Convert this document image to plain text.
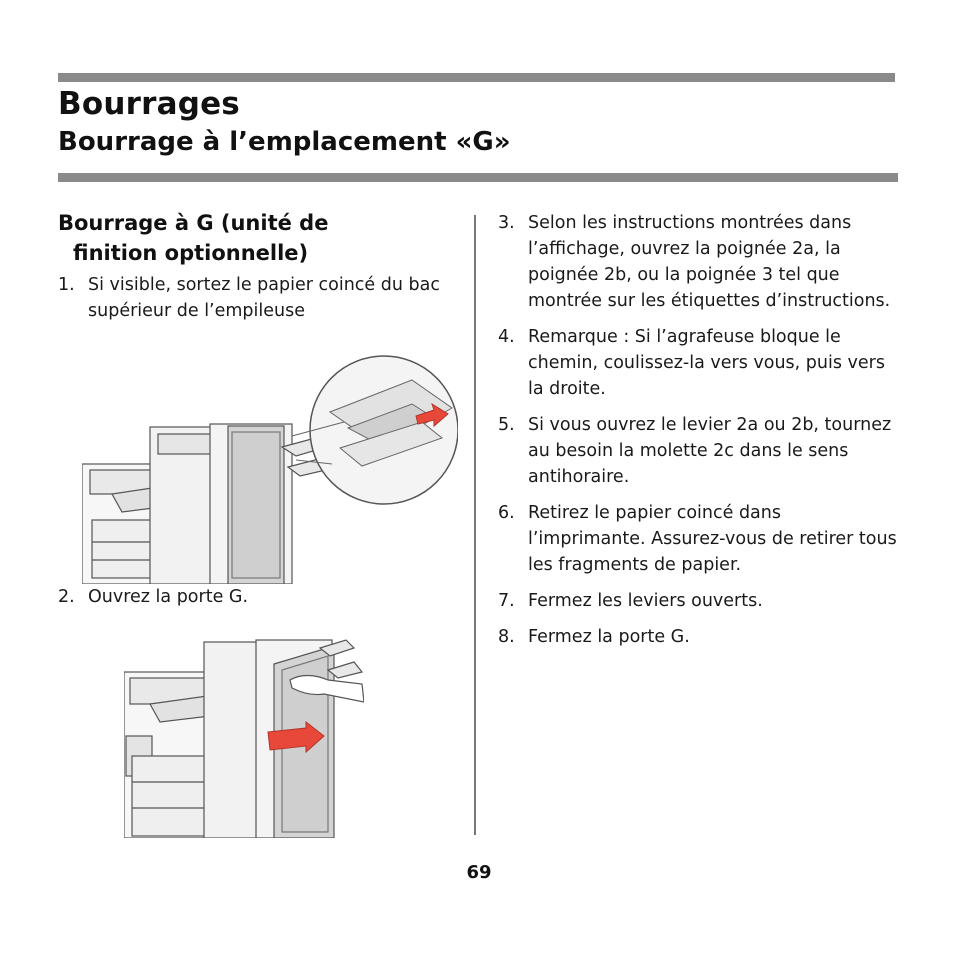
Bourrages
Bourrage à l’emplacement «G»
Bourrage à G (unité de finition optionnelle)

1. Si visible, sortez le papier coincé du bac supérieur de l’empileuse

2. Ouvrez la porte G.

3. Selon les instructions montrées dans l’affichage, ouvrez la poignée 2a, la poignée 2b, ou la poignée 3 tel que montrée sur les étiquettes d’instructions.

4. Remarque : Si l’agrafeuse bloque le chemin, coulissez-la vers vous, puis vers la droite.

5. Si vous ouvrez le levier 2a ou 2b, tournez au besoin la molette 2c dans le sens antihoraire.

6. Retirez le papier coincé dans l’imprimante. Assurez-vous de retirer tous les fragments de papier.

7. Fermez les leviers ouverts.

8. Fermez la porte G.

69
